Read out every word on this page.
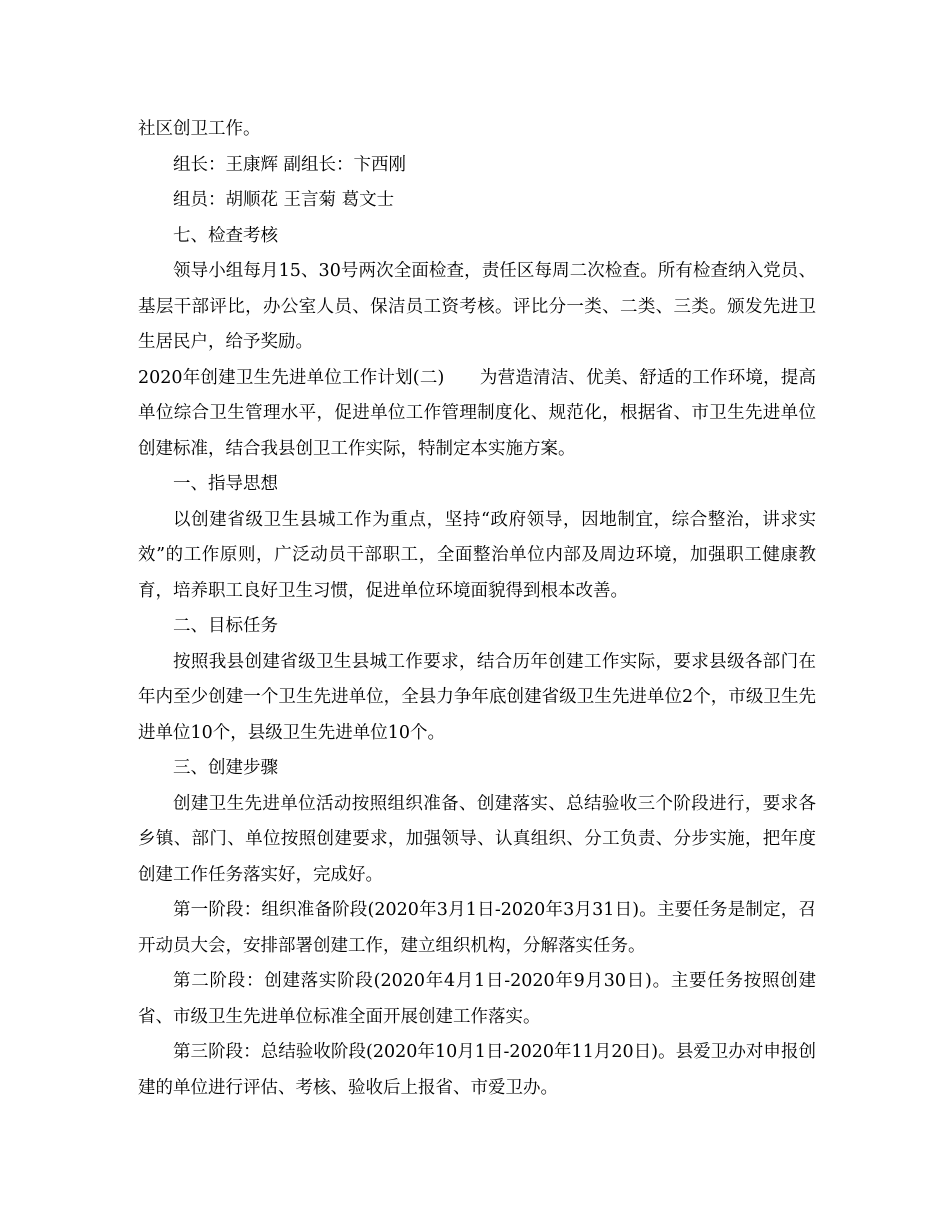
社区创卫工作。

组长：王康辉 副组长：卞西刚

组员：胡顺花 王言菊 葛文士

七、检查考核

领导小组每月15、30号两次全面检查，责任区每周二次检查。所有检查纳入党员、基层干部评比，办公室人员、保洁员工资考核。评比分一类、二类、三类。颁发先进卫生居民户，给予奖励。

2020年创建卫生先进单位工作计划(二)　　为营造清洁、优美、舒适的工作环境，提高单位综合卫生管理水平，促进单位工作管理制度化、规范化，根据省、市卫生先进单位创建标准，结合我县创卫工作实际，特制定本实施方案。

一、指导思想

以创建省级卫生县城工作为重点，坚持“政府领导，因地制宜，综合整治，讲求实效”的工作原则，广泛动员干部职工，全面整治单位内部及周边环境，加强职工健康教育，培养职工良好卫生习惯，促进单位环境面貌得到根本改善。

二、目标任务

按照我县创建省级卫生县城工作要求，结合历年创建工作实际，要求县级各部门在年内至少创建一个卫生先进单位，全县力争年底创建省级卫生先进单位2个，市级卫生先进单位10个，县级卫生先进单位10个。

三、创建步骤

创建卫生先进单位活动按照组织准备、创建落实、总结验收三个阶段进行，要求各乡镇、部门、单位按照创建要求，加强领导、认真组织、分工负责、分步实施，把年度创建工作任务落实好，完成好。

第一阶段：组织准备阶段(2020年3月1日-2020年3月31日)。主要任务是制定，召开动员大会，安排部署创建工作，建立组织机构，分解落实任务。

第二阶段：创建落实阶段(2020年4月1日-2020年9月30日)。主要任务按照创建省、市级卫生先进单位标准全面开展创建工作落实。

第三阶段：总结验收阶段(2020年10月1日-2020年11月20日)。县爱卫办对申报创建的单位进行评估、考核、验收后上报省、市爱卫办。
